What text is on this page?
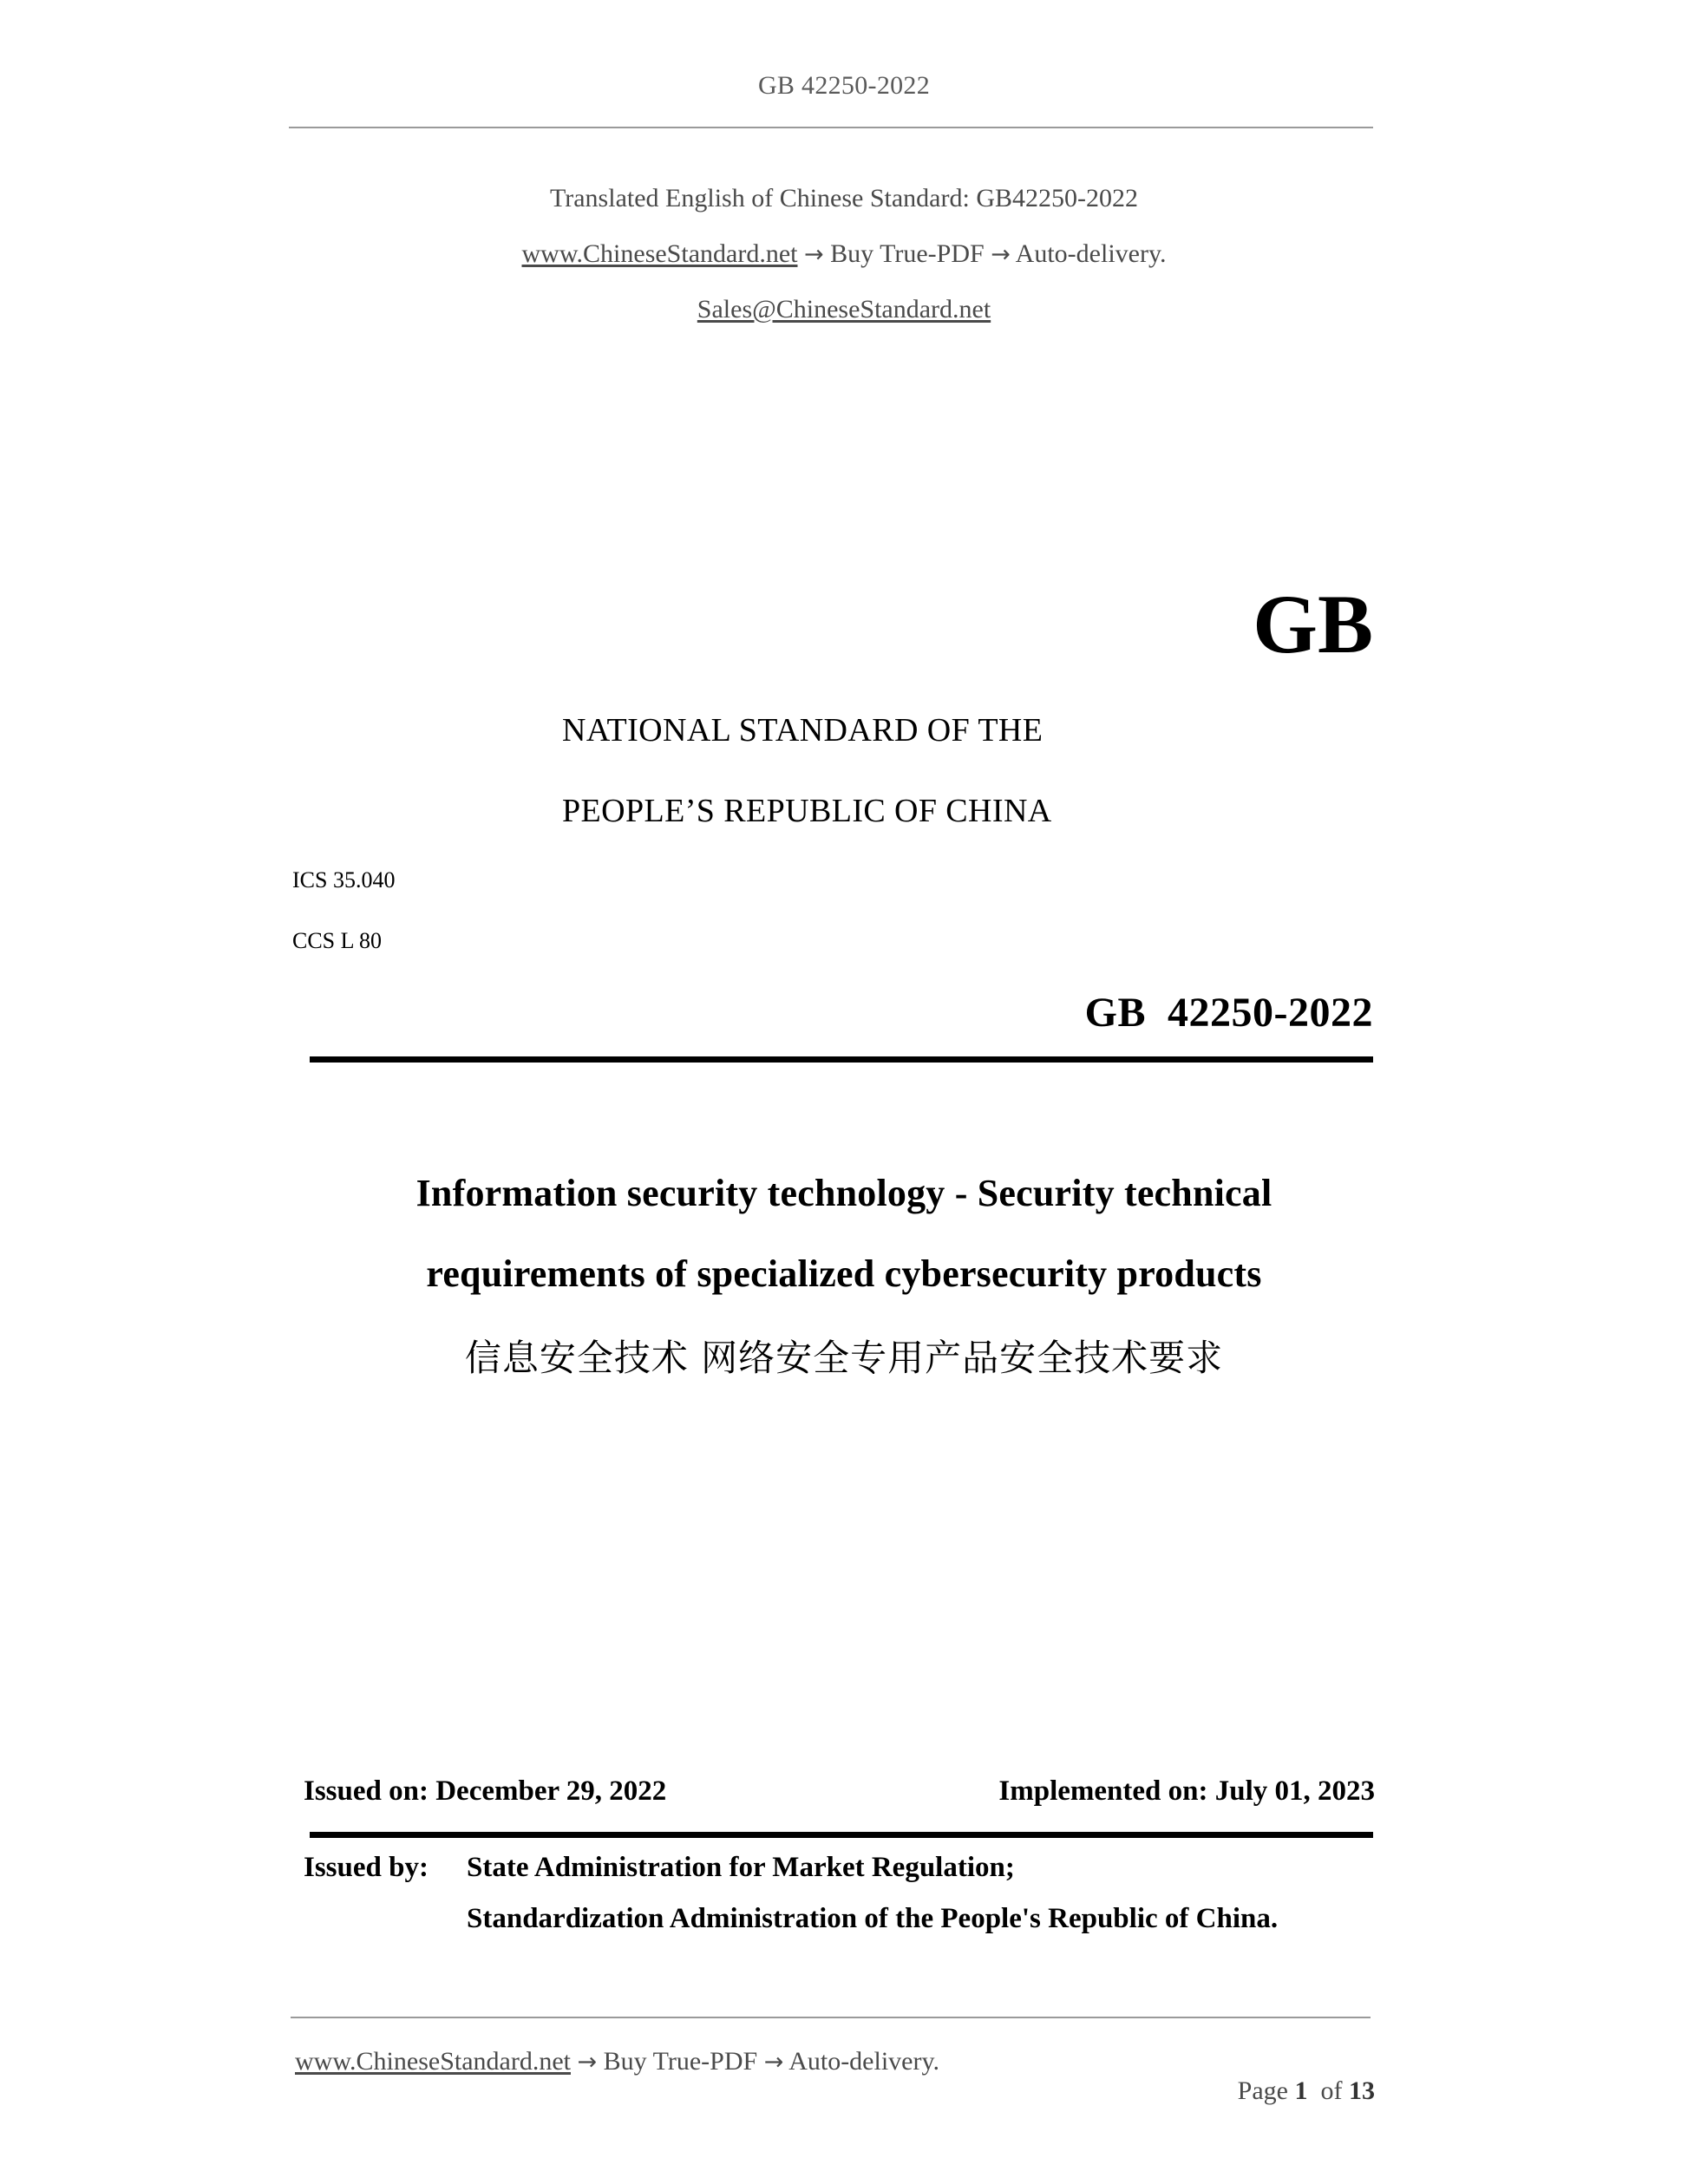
GB 42250-2022
Translated English of Chinese Standard: GB42250-2022
www.ChineseStandard.net → Buy True-PDF → Auto-delivery.
Sales@ChineseStandard.net
GB
NATIONAL STANDARD OF THE
PEOPLE’S REPUBLIC OF CHINA
ICS 35.040
CCS L 80
GB  42250-2022
Information security technology - Security technical
requirements of specialized cybersecurity products
信息安全技术 网络安全专用产品安全技术要求
Issued on: December 29, 2022	Implemented on: July 01, 2023
Issued by:	State Administration for Market Regulation;
Standardization Administration of the People's Republic of China.
www.ChineseStandard.net → Buy True-PDF → Auto-delivery.

Page 1 of 13
